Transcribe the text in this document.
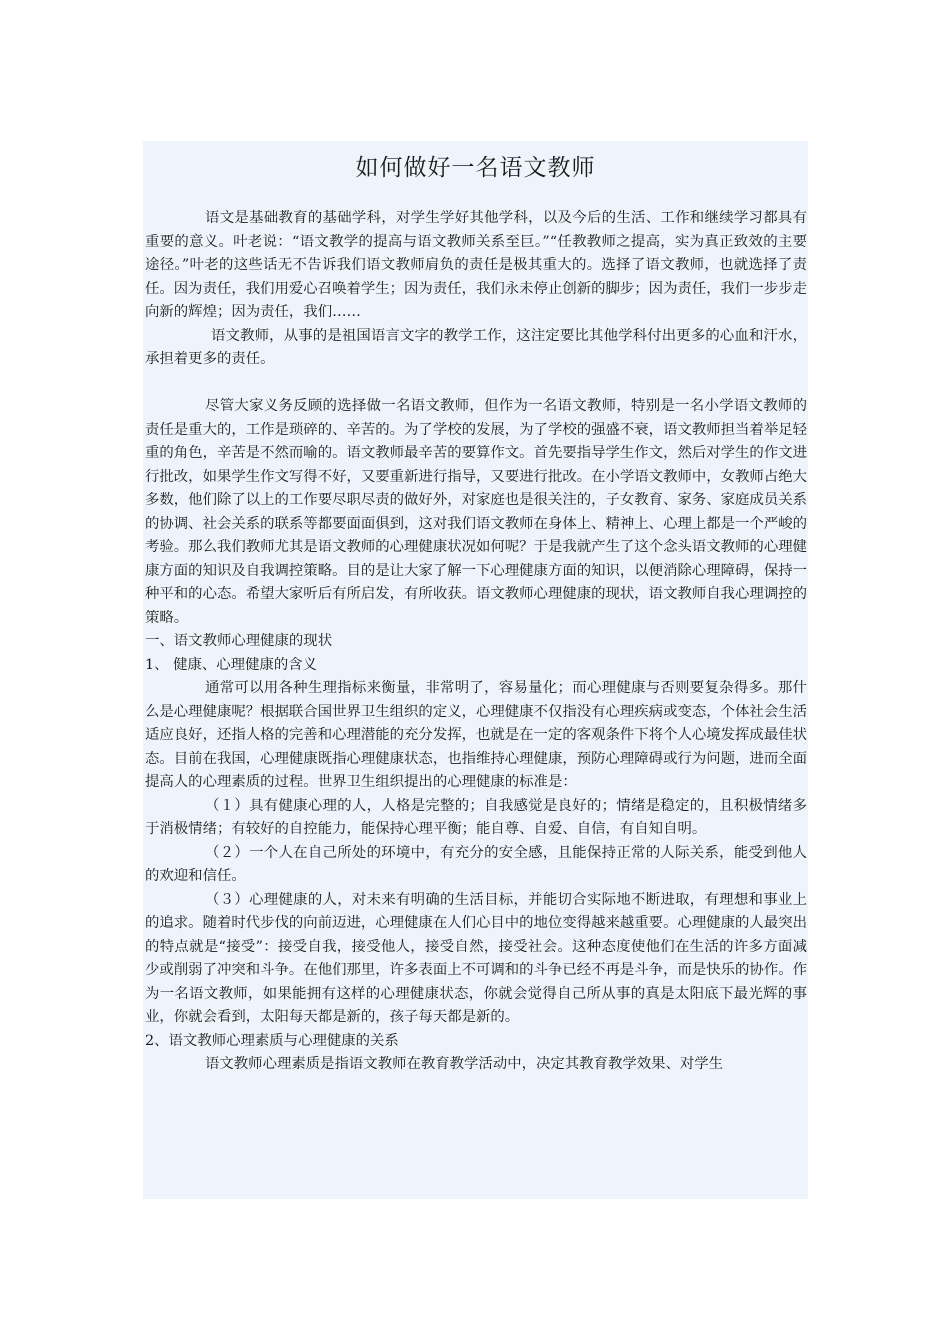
如何做好一名语文教师

语文是基础教育的基础学科，对学生学好其他学科，以及今后的生活、工作和继续学习都具有重要的意义。叶老说：“语文教学的提高与语文教师关系至巨。”“任教教师之提高，实为真正致效的主要途径。”叶老的这些话无不告诉我们语文教师肩负的责任是极其重大的。选择了语文教师，也就选择了责任。因为责任，我们用爱心召唤着学生；因为责任，我们永未停止创新的脚步；因为责任，我们一步步走向新的辉煌；因为责任，我们……

语文教师，从事的是祖国语言文字的教学工作，这注定要比其他学科付出更多的心血和汗水，承担着更多的责任。

尽管大家义务反顾的选择做一名语文教师，但作为一名语文教师，特别是一名小学语文教师的责任是重大的，工作是琐碎的、辛苦的。为了学校的发展，为了学校的强盛不衰，语文教师担当着举足轻重的角色，辛苦是不然而喻的。语文教师最辛苦的要算作文。首先要指导学生作文，然后对学生的作文进行批改，如果学生作文写得不好，又要重新进行指导，又要进行批改。在小学语文教师中，女教师占绝大多数，他们除了以上的工作要尽职尽责的做好外，对家庭也是很关注的，子女教育、家务、家庭成员关系的协调、社会关系的联系等都要面面俱到，这对我们语文教师在身体上、精神上、心理上都是一个严峻的考验。那么我们教师尤其是语文教师的心理健康状况如何呢？于是我就产生了这个念头语文教师的心理健康方面的知识及自我调控策略。目的是让大家了解一下心理健康方面的知识，以便消除心理障碍，保持一种平和的心态。希望大家听后有所启发，有所收获。语文教师心理健康的现状，语文教师自我心理调控的策略。

一、语文教师心理健康的现状

1、 健康、心理健康的含义

通常可以用各种生理指标来衡量，非常明了，容易量化；而心理健康与否则要复杂得多。那什么是心理健康呢？根据联合国世界卫生组织的定义，心理健康不仅指没有心理疾病或变态，个体社会生活适应良好，还指人格的完善和心理潜能的充分发挥，也就是在一定的客观条件下将个人心境发挥成最佳状态。目前在我国，心理健康既指心理健康状态，也指维持心理健康，预防心理障碍或行为问题，进而全面提高人的心理素质的过程。世界卫生组织提出的心理健康的标准是：

（１）具有健康心理的人，人格是完整的；自我感觉是良好的；情绪是稳定的，且积极情绪多于消极情绪；有较好的自控能力，能保持心理平衡；能自尊、自爱、自信，有自知自明。

（２）一个人在自己所处的环境中，有充分的安全感，且能保持正常的人际关系，能受到他人的欢迎和信任。

（３）心理健康的人，对未来有明确的生活目标，并能切合实际地不断进取，有理想和事业上的追求。随着时代步伐的向前迈进，心理健康在人们心目中的地位变得越来越重要。心理健康的人最突出的特点就是“接受”：接受自我，接受他人，接受自然，接受社会。这种态度使他们在生活的许多方面减少或削弱了冲突和斗争。在他们那里，许多表面上不可调和的斗争已经不再是斗争，而是快乐的协作。作为一名语文教师，如果能拥有这样的心理健康状态，你就会觉得自己所从事的真是太阳底下最光辉的事业，你就会看到，太阳每天都是新的，孩子每天都是新的。

2、语文教师心理素质与心理健康的关系

语文教师心理素质是指语文教师在教育教学活动中，决定其教育教学效果、对学生
